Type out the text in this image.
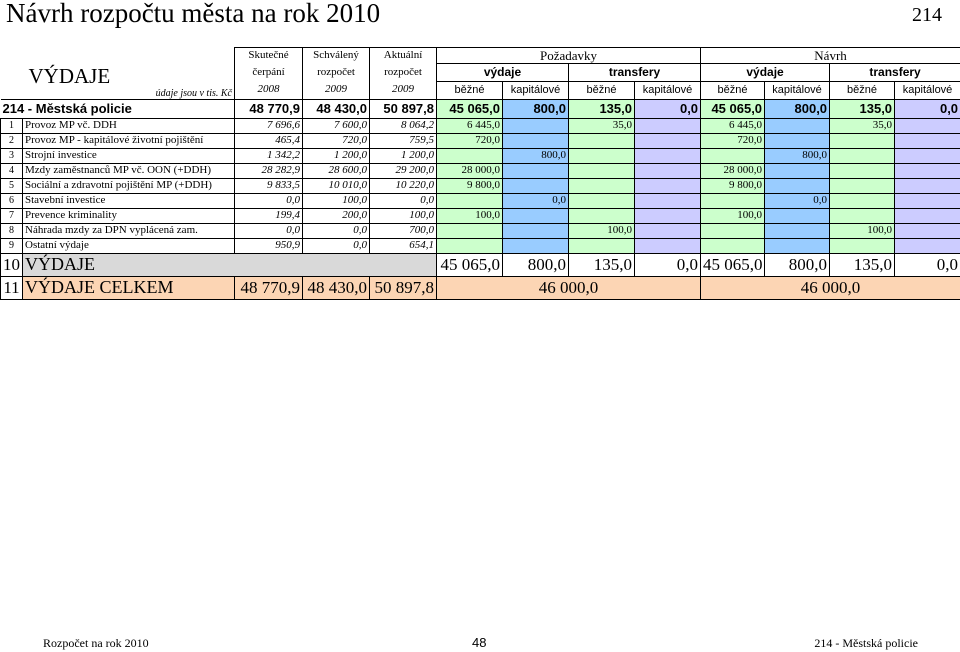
Návrh rozpočtu města na rok 2010	214
		Skutečné	Schválený	Aktuální	Požadavky				Návrh			

	VÝDAJE
údaje jsou v tis. Kč	čerpání	rozpočet	rozpočet	výdaje		transfery		výdaje		transfery	
		2008	2009	2009	běžné	kapitálové	běžné	kapitálové	běžné	kapitálové	běžné	kapitálové
214 - Městská policie		48 770,9	48 430,0	50 897,8	45 065,0	800,0	135,0	0,0	45 065,0	800,0	135,0	0,0
1	Provoz MP vč. DDH	7 696,6	7 600,0	8 064,2	6 445,0		35,0		6 445,0		35,0	
2	Provoz MP - kapitálové životní pojištění	465,4	720,0	759,5	720,0				720,0			
3	Strojní investice	1 342,2	1 200,0	1 200,0		800,0				800,0		
4	Mzdy zaměstnanců MP vč. OON (+DDH)	28 282,9	28 600,0	29 200,0	28 000,0				28 000,0			
5	Sociální a zdravotní pojištění MP (+DDH)	9 833,5	10 010,0	10 220,0	9 800,0				9 800,0			
6	Stavební investice	0,0	100,0	0,0		0,0				0,0		
7	Prevence kriminality	199,4	200,0	100,0	100,0				100,0			
8	Náhrada mzdy za DPN vyplácená zam.	0,0	0,0	700,0			100,0				100,0	
9	Ostatní výdaje	950,9	0,0	654,1								
10	VÝDAJE				45 065,0	800,0	135,0	0,0	45 065,0	800,0	135,0	0,0
11	VÝDAJE CELKEM	48 770,9	48 430,0	50 897,8	46 000,0				46 000,0			
Rozpočet na rok 2010	48	214 - Městská policie
